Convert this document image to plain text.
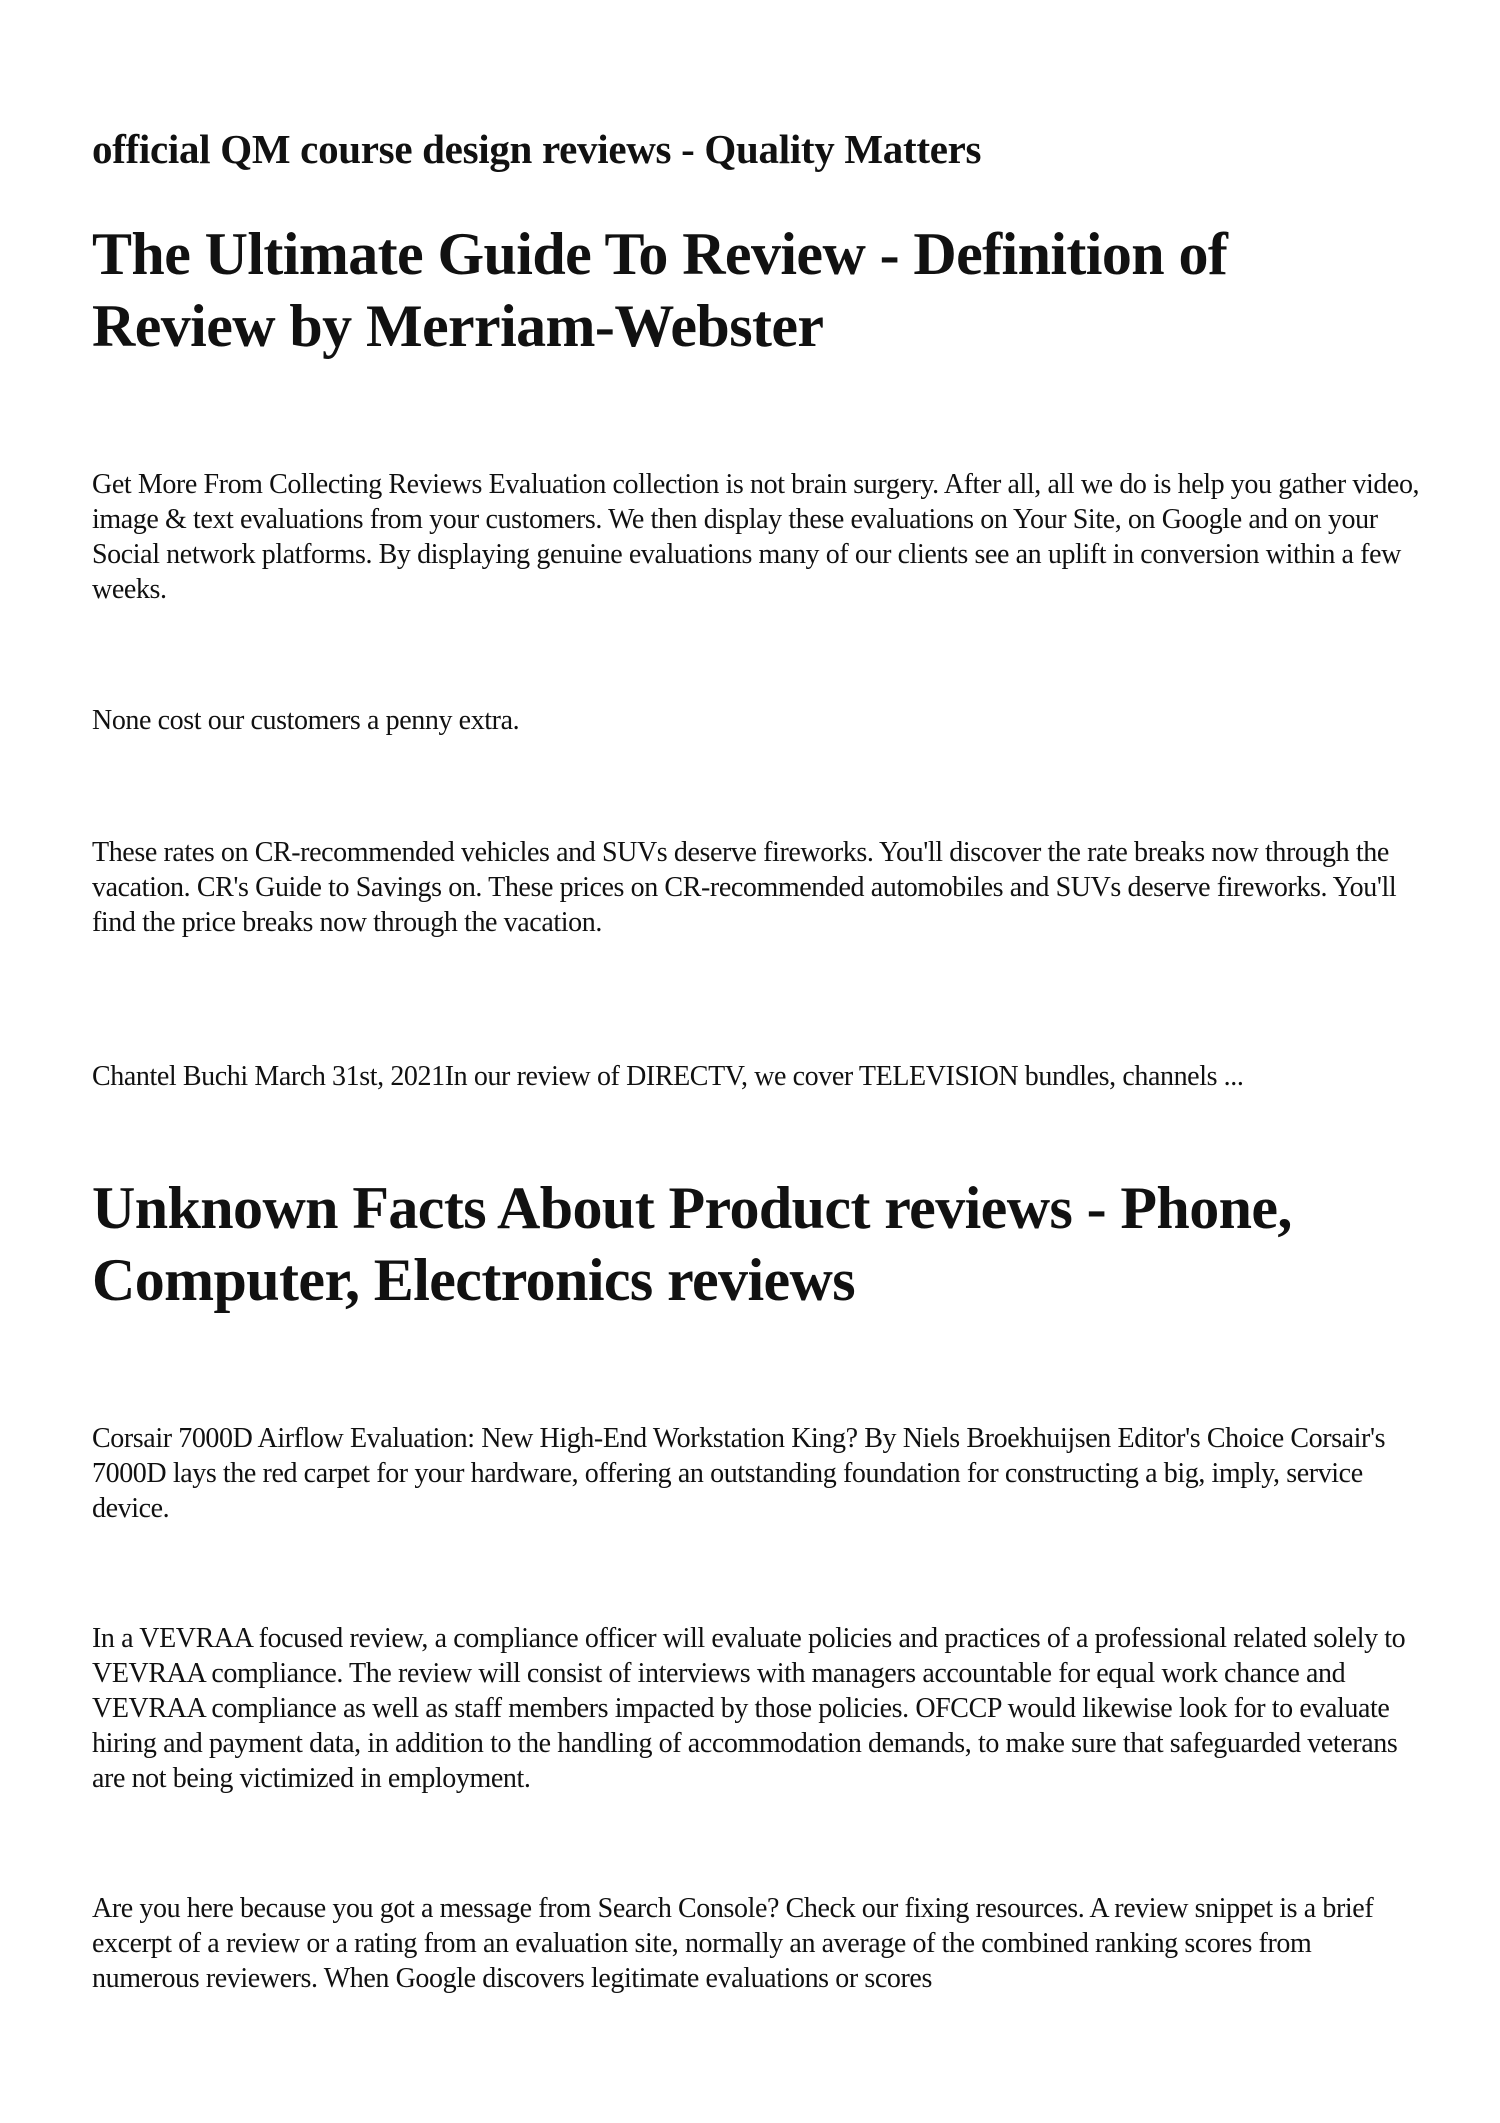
official QM course design reviews - Quality Matters
The Ultimate Guide To Review - Definition of Review by Merriam-Webster

Get More From Collecting Reviews Evaluation collection is not brain surgery. After all, all we do is help you gather video, image & text evaluations from your customers. We then display these evaluations on Your Site, on Google and on your Social network platforms. By displaying genuine evaluations many of our clients see an uplift in conversion within a few weeks.

None cost our customers a penny extra.

These rates on CR-recommended vehicles and SUVs deserve fireworks. You'll discover the rate breaks now through the vacation. CR's Guide to Savings on. These prices on CR-recommended automobiles and SUVs deserve fireworks. You'll find the price breaks now through the vacation.

Chantel Buchi March 31st, 2021In our review of DIRECTV, we cover TELEVISION bundles, channels ...

Unknown Facts About Product reviews - Phone, Computer, Electronics reviews

Corsair 7000D Airflow Evaluation: New High-End Workstation King? By Niels Broekhuijsen Editor's Choice Corsair's 7000D lays the red carpet for your hardware, offering an outstanding foundation for constructing a big, imply, service device.

In a VEVRAA focused review, a compliance officer will evaluate policies and practices of a professional related solely to VEVRAA compliance. The review will consist of interviews with managers accountable for equal work chance and VEVRAA compliance as well as staff members impacted by those policies. OFCCP would likewise look for to evaluate hiring and payment data, in addition to the handling of accommodation demands, to make sure that safeguarded veterans are not being victimized in employment.

Are you here because you got a message from Search Console? Check our fixing resources. A review snippet is a brief excerpt of a review or a rating from an evaluation site, normally an average of the combined ranking scores from numerous reviewers. When Google discovers legitimate evaluations or scores
